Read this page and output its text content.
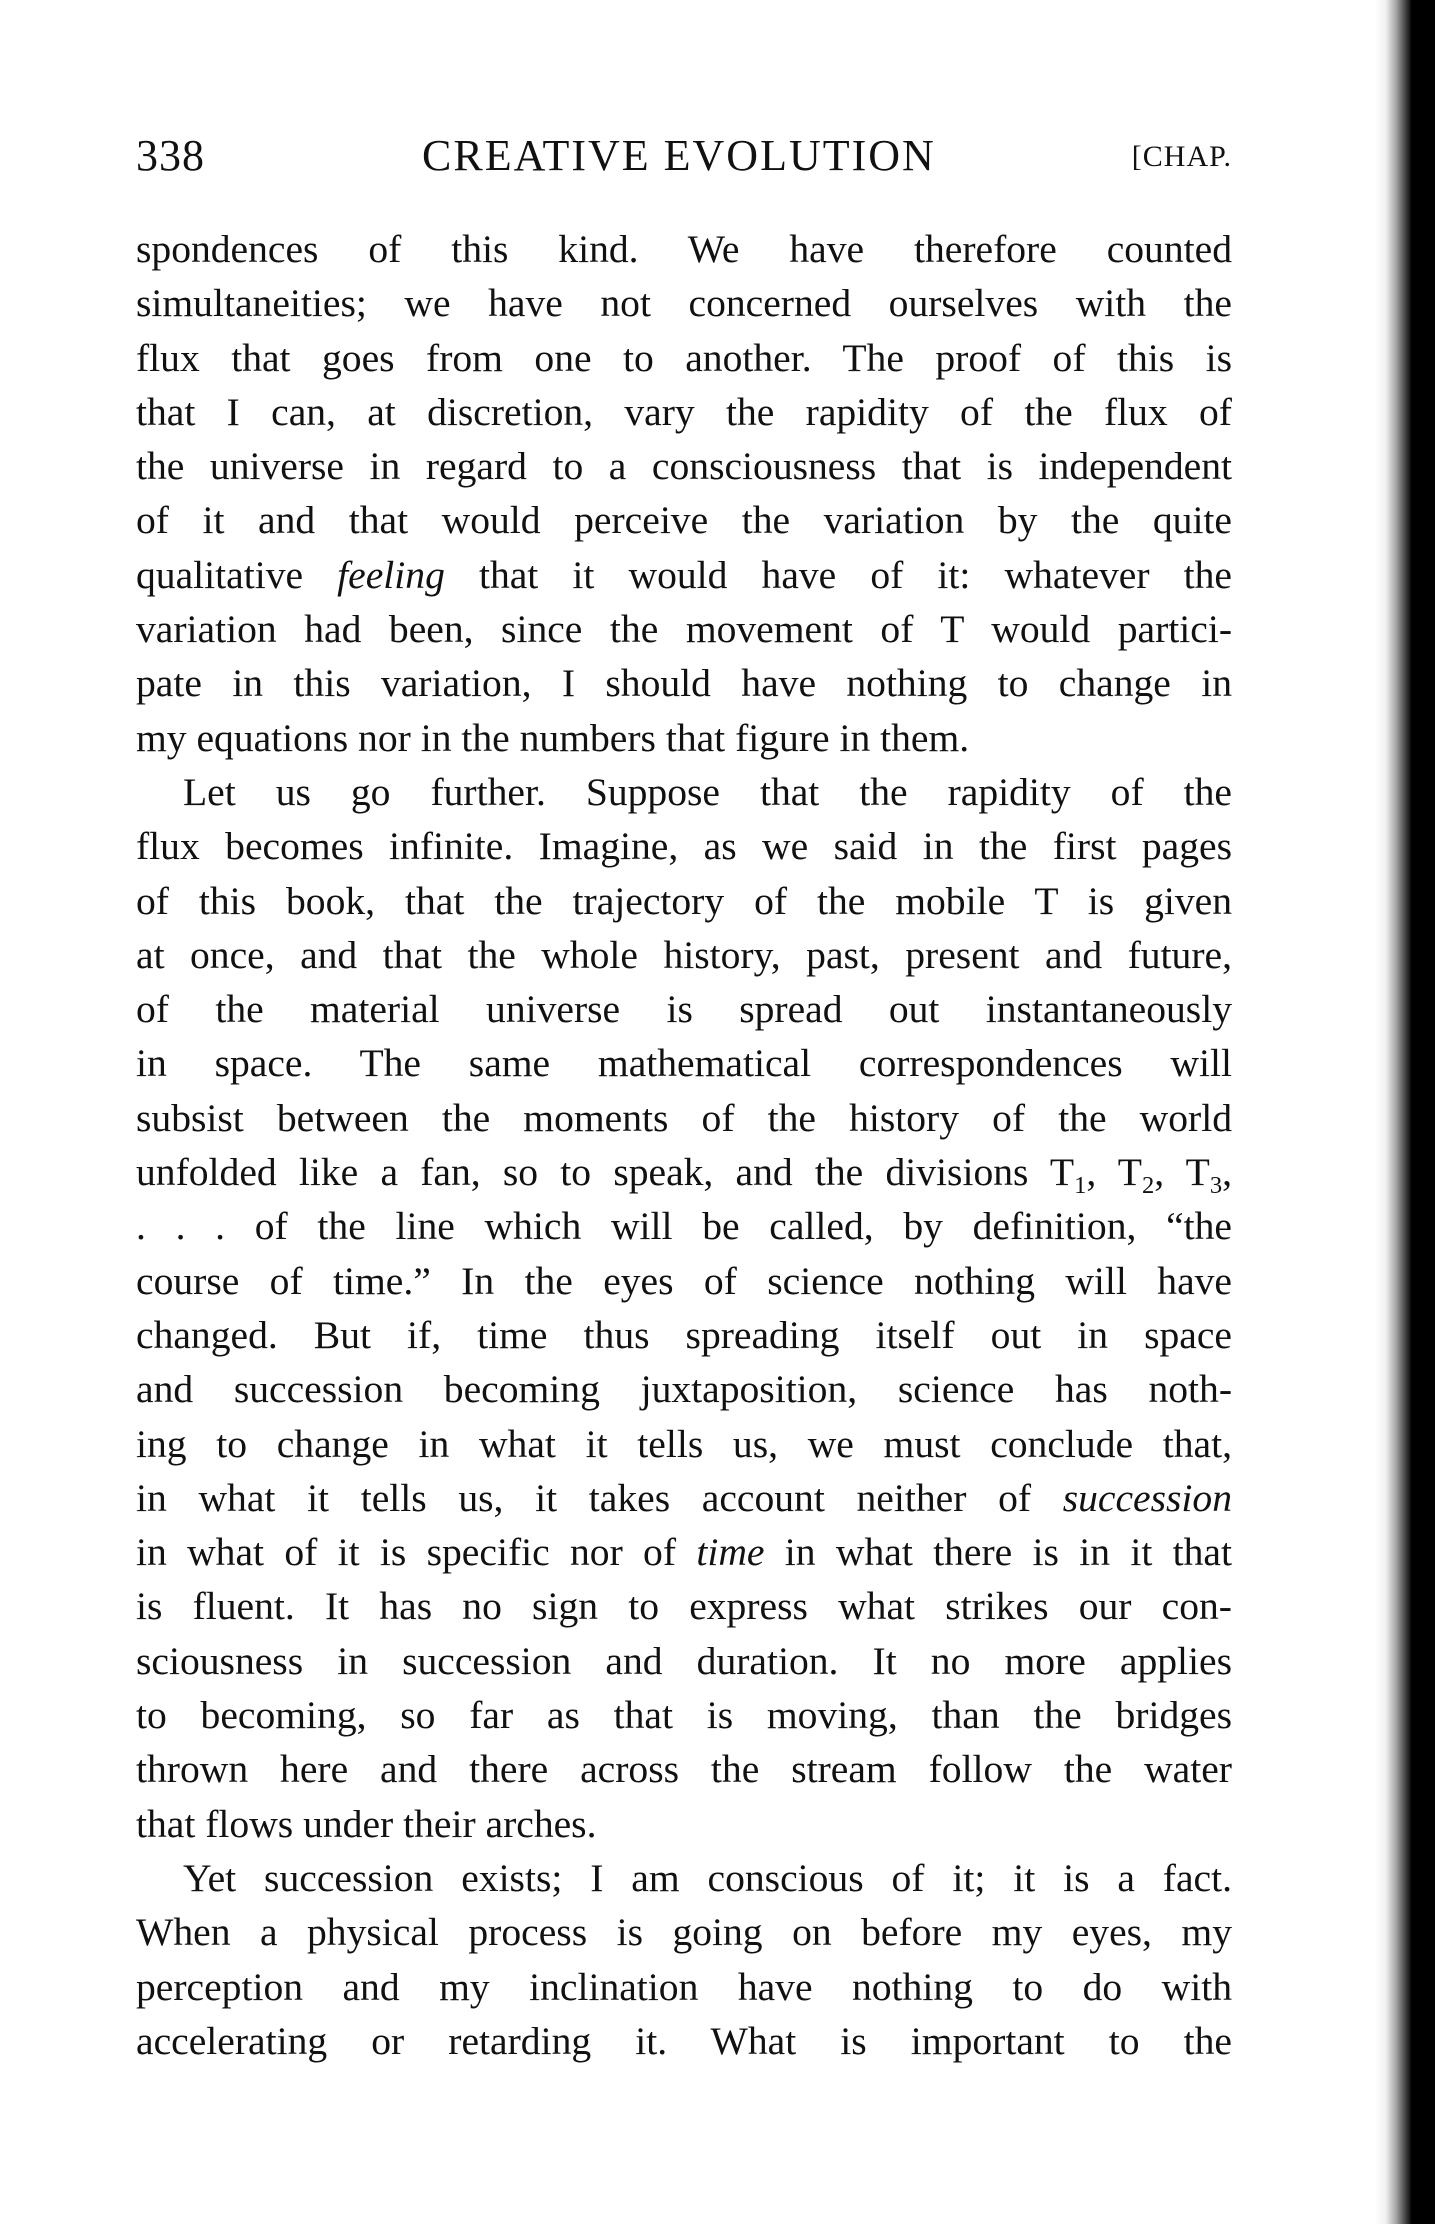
338	CREATIVE EVOLUTION	[CHAP.
spondences of this kind. We have therefore counted
simultaneities; we have not concerned ourselves with the
flux that goes from one to another. The proof of this is
that I can, at discretion, vary the rapidity of the flux of
the universe in regard to a consciousness that is independent
of it and that would perceive the variation by the quite
qualitative feeling that it would have of it: whatever the
variation had been, since the movement of T would partici-
pate in this variation, I should have nothing to change in
my equations nor in the numbers that figure in them.
Let us go further. Suppose that the rapidity of the
flux becomes infinite. Imagine, as we said in the first pages
of this book, that the trajectory of the mobile T is given
at once, and that the whole history, past, present and future,
of the material universe is spread out instantaneously
in space. The same mathematical correspondences will
subsist between the moments of the history of the world
unfolded like a fan, so to speak, and the divisions $T_1$, $T_2$, $T_3$,
. . . of the line which will be called, by definition, “the
course of time.” In the eyes of science nothing will have
changed. But if, time thus spreading itself out in space
and succession becoming juxtaposition, science has noth-
ing to change in what it tells us, we must conclude that,
in what it tells us, it takes account neither of succession
in what of it is specific nor of time in what there is in it that
is fluent. It has no sign to express what strikes our con-
sciousness in succession and duration. It no more applies
to becoming, so far as that is moving, than the bridges
thrown here and there across the stream follow the water
that flows under their arches.
Yet succession exists; I am conscious of it; it is a fact.
When a physical process is going on before my eyes, my
perception and my inclination have nothing to do with
accelerating or retarding it. What is important to the
